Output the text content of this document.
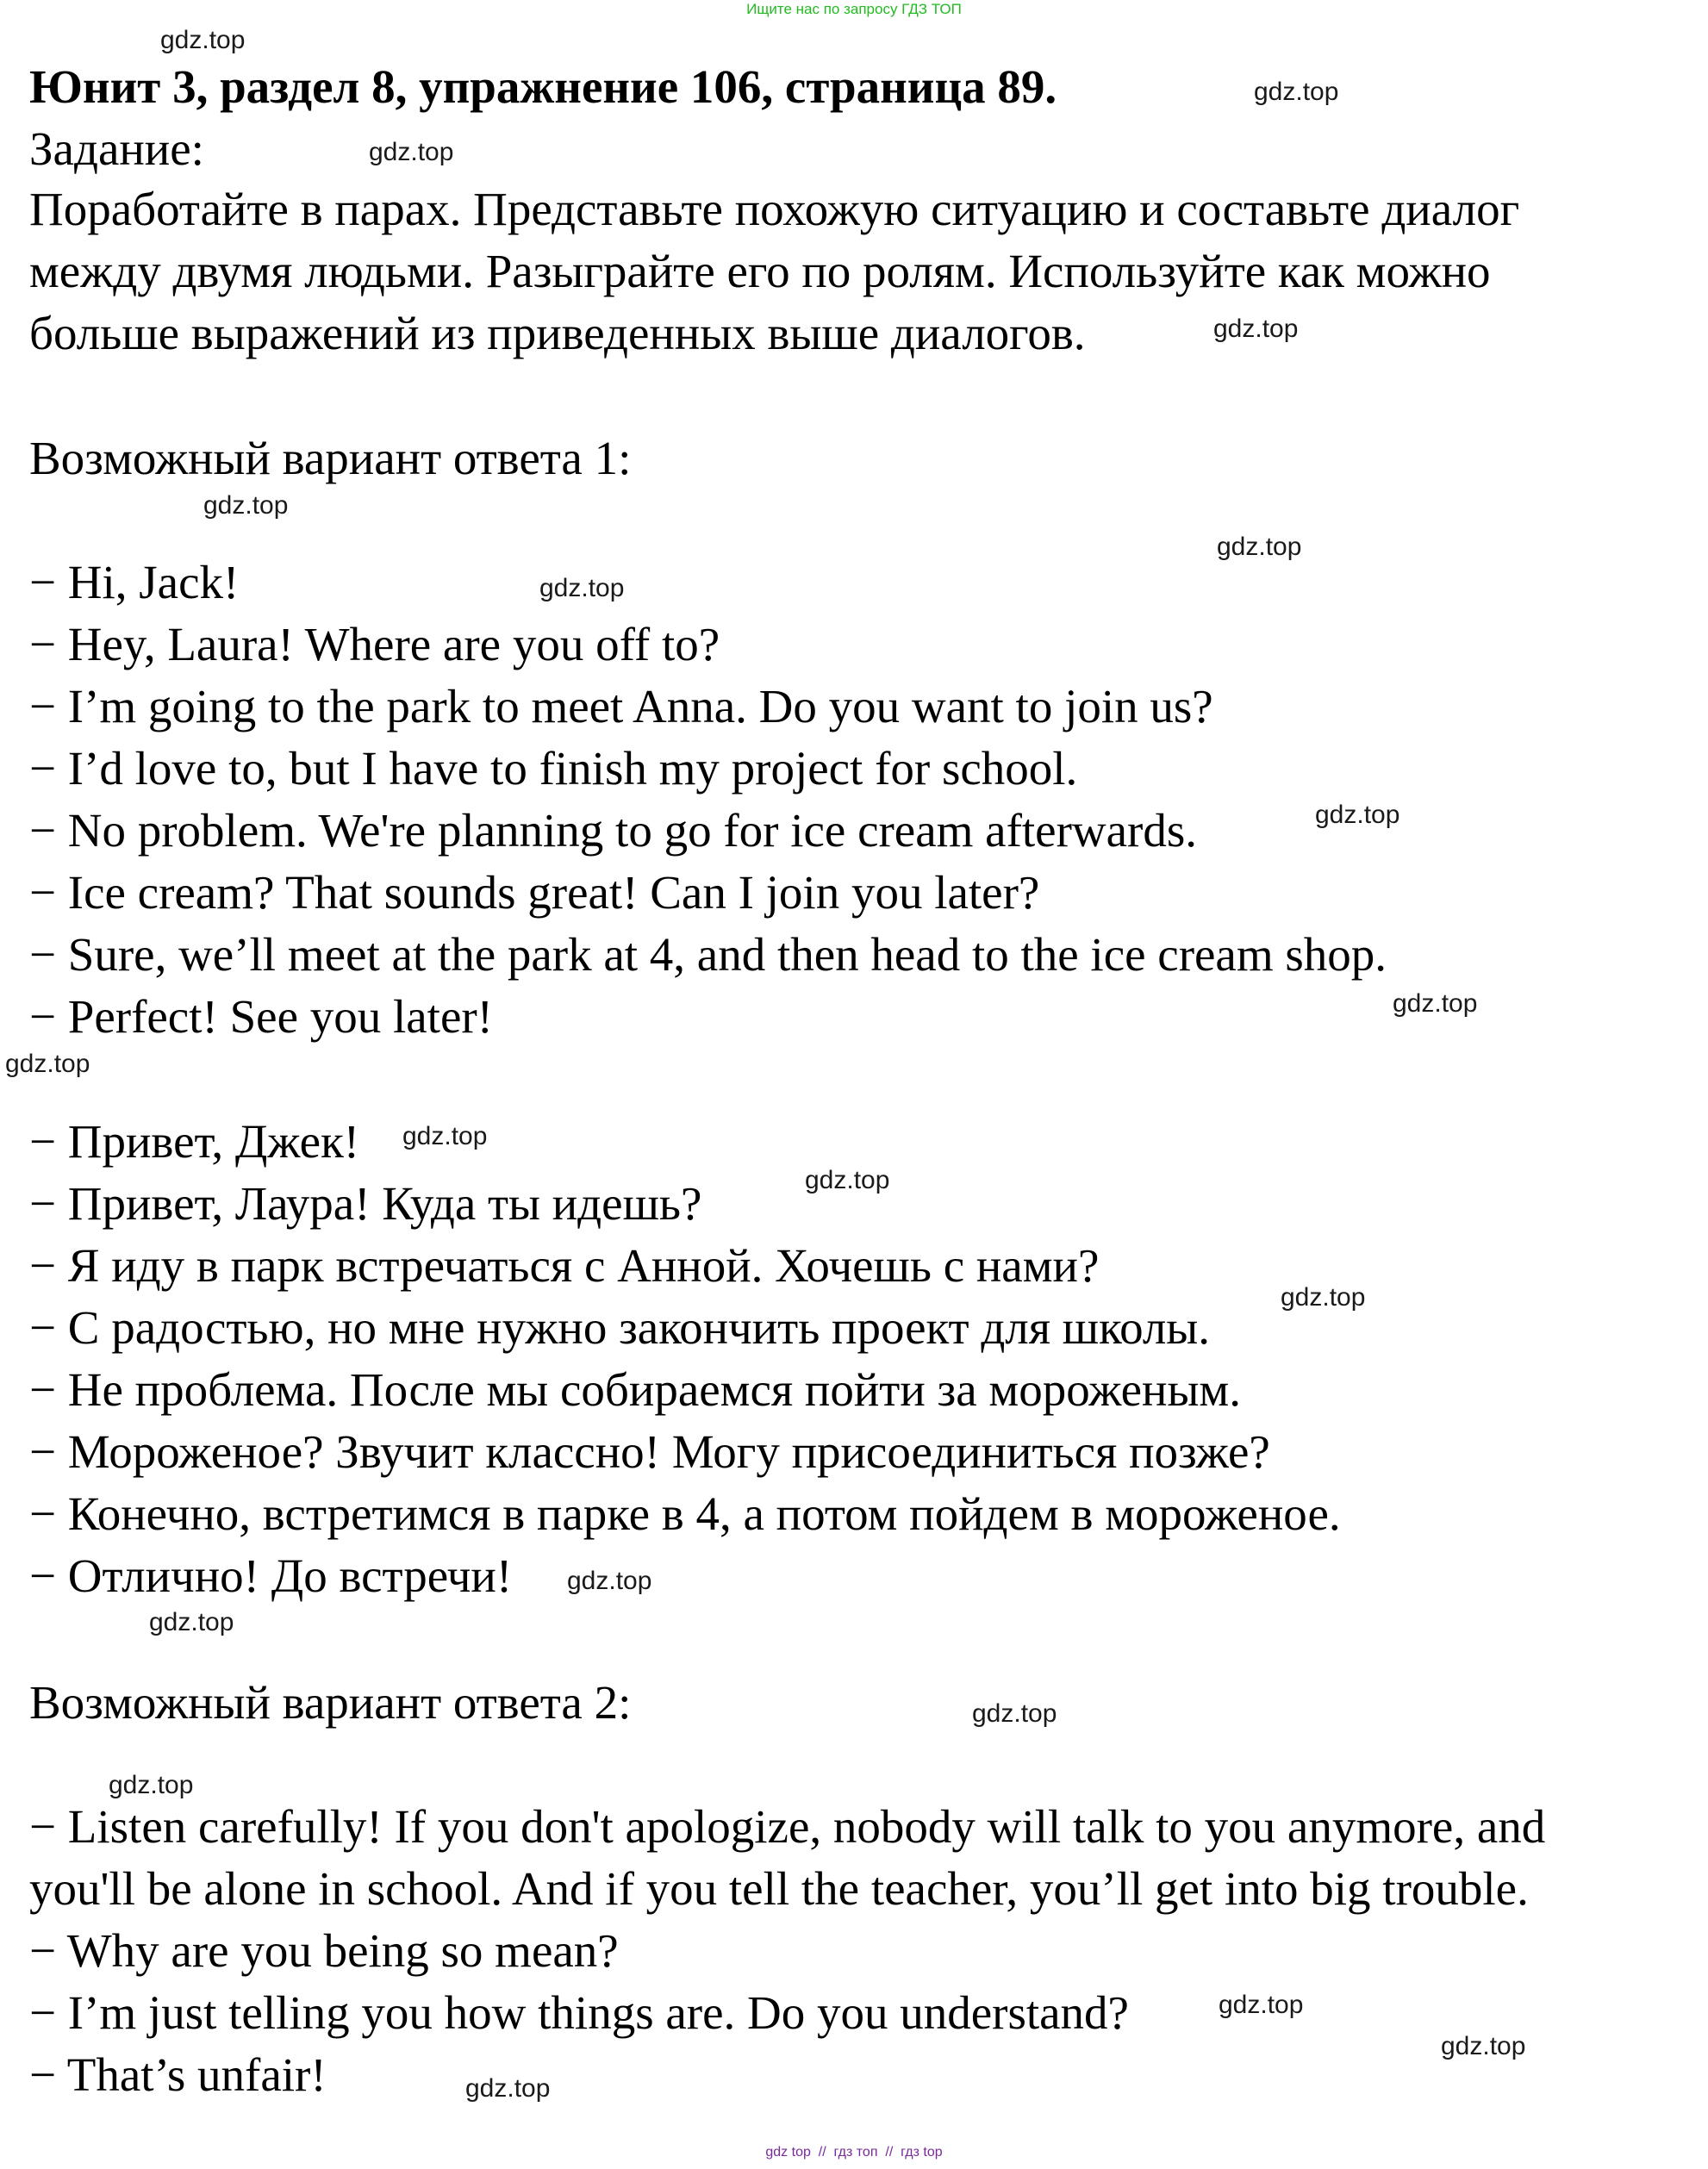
Ищите нас по запросу ГДЗ ТОП
Юнит 3, раздел 8, упражнение 106, страница 89.
Задание:
Поработайте в парах. Представьте похожую ситуацию и составьте диалог
между двумя людьми. Разыграйте его по ролям. Используйте как можно
больше выражений из приведенных выше диалогов.
Возможный вариант ответа 1:
− Hi, Jack!
− Hey, Laura! Where are you off to?
− I’m going to the park to meet Anna. Do you want to join us?
− I’d love to, but I have to finish my project for school.
− No problem. We're planning to go for ice cream afterwards.
− Ice cream? That sounds great! Can I join you later?
− Sure, we’ll meet at the park at 4, and then head to the ice cream shop.
− Perfect! See you later!
− Привет, Джек!
− Привет, Лаура! Куда ты идешь?
− Я иду в парк встречаться с Анной. Хочешь с нами?
− С радостью, но мне нужно закончить проект для школы.
− Не проблема. После мы собираемся пойти за мороженым.
− Мороженое? Звучит классно! Могу присоединиться позже?
− Конечно, встретимся в парке в 4, а потом пойдем в мороженое.
− Отлично! До встречи!
Возможный вариант ответа 2:
− Listen carefully! If you don't apologize, nobody will talk to you anymore, and
you'll be alone in school. And if you tell the teacher, you’ll get into big trouble.
− Why are you being so mean?
− I’m just telling you how things are. Do you understand?
− That’s unfair!
gdz.top
gdz.top
gdz.top
gdz.top
gdz.top
gdz.top
gdz.top
gdz.top
gdz.top
gdz.top
gdz.top
gdz.top
gdz.top
gdz.top
gdz.top
gdz.top
gdz.top
gdz.top
gdz.top
gdz.top
gdz top  //  гдз топ  //  гдз top
